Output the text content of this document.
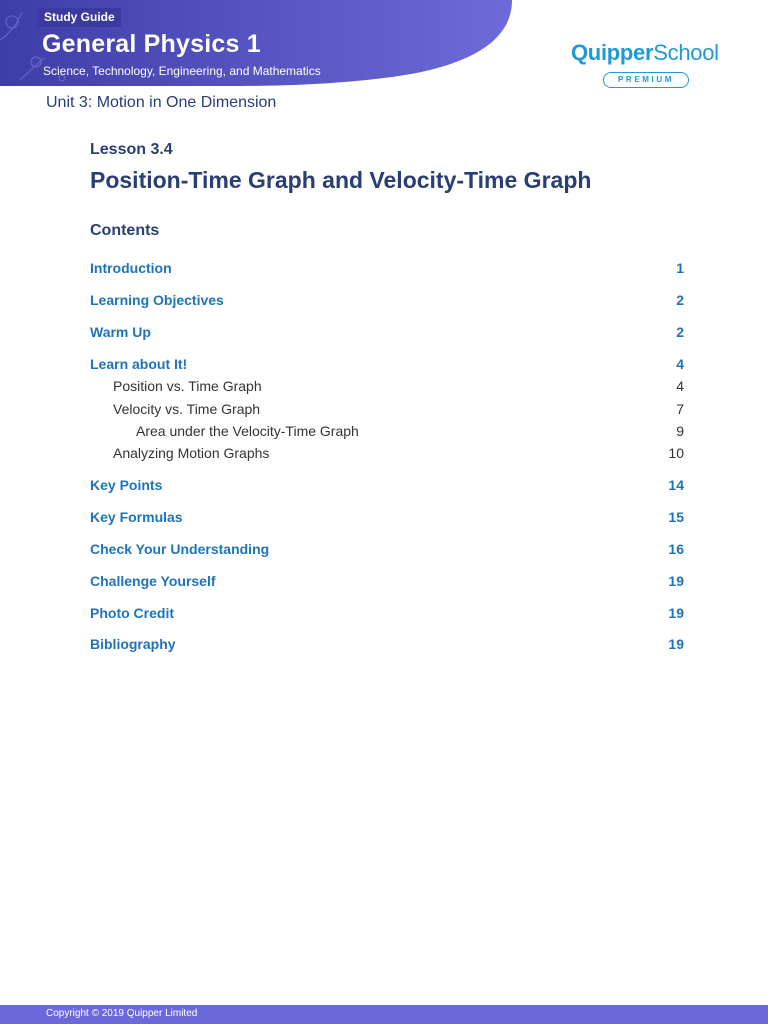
Study Guide
General Physics 1
Science, Technology, Engineering, and Mathematics
QuipperSchool
PREMIUM
Unit 3: Motion in One Dimension
Lesson 3.4
Position-Time Graph and Velocity-Time Graph
Contents
Introduction	1
Learning Objectives	2
Warm Up	2
Learn about It!	4
Position vs. Time Graph	4
Velocity vs. Time Graph	7
Area under the Velocity-Time Graph	9
Analyzing Motion Graphs	10
Key Points	14
Key Formulas	15
Check Your Understanding	16
Challenge Yourself	19
Photo Credit	19
Bibliography	19
Copyright © 2019 Quipper Limited
